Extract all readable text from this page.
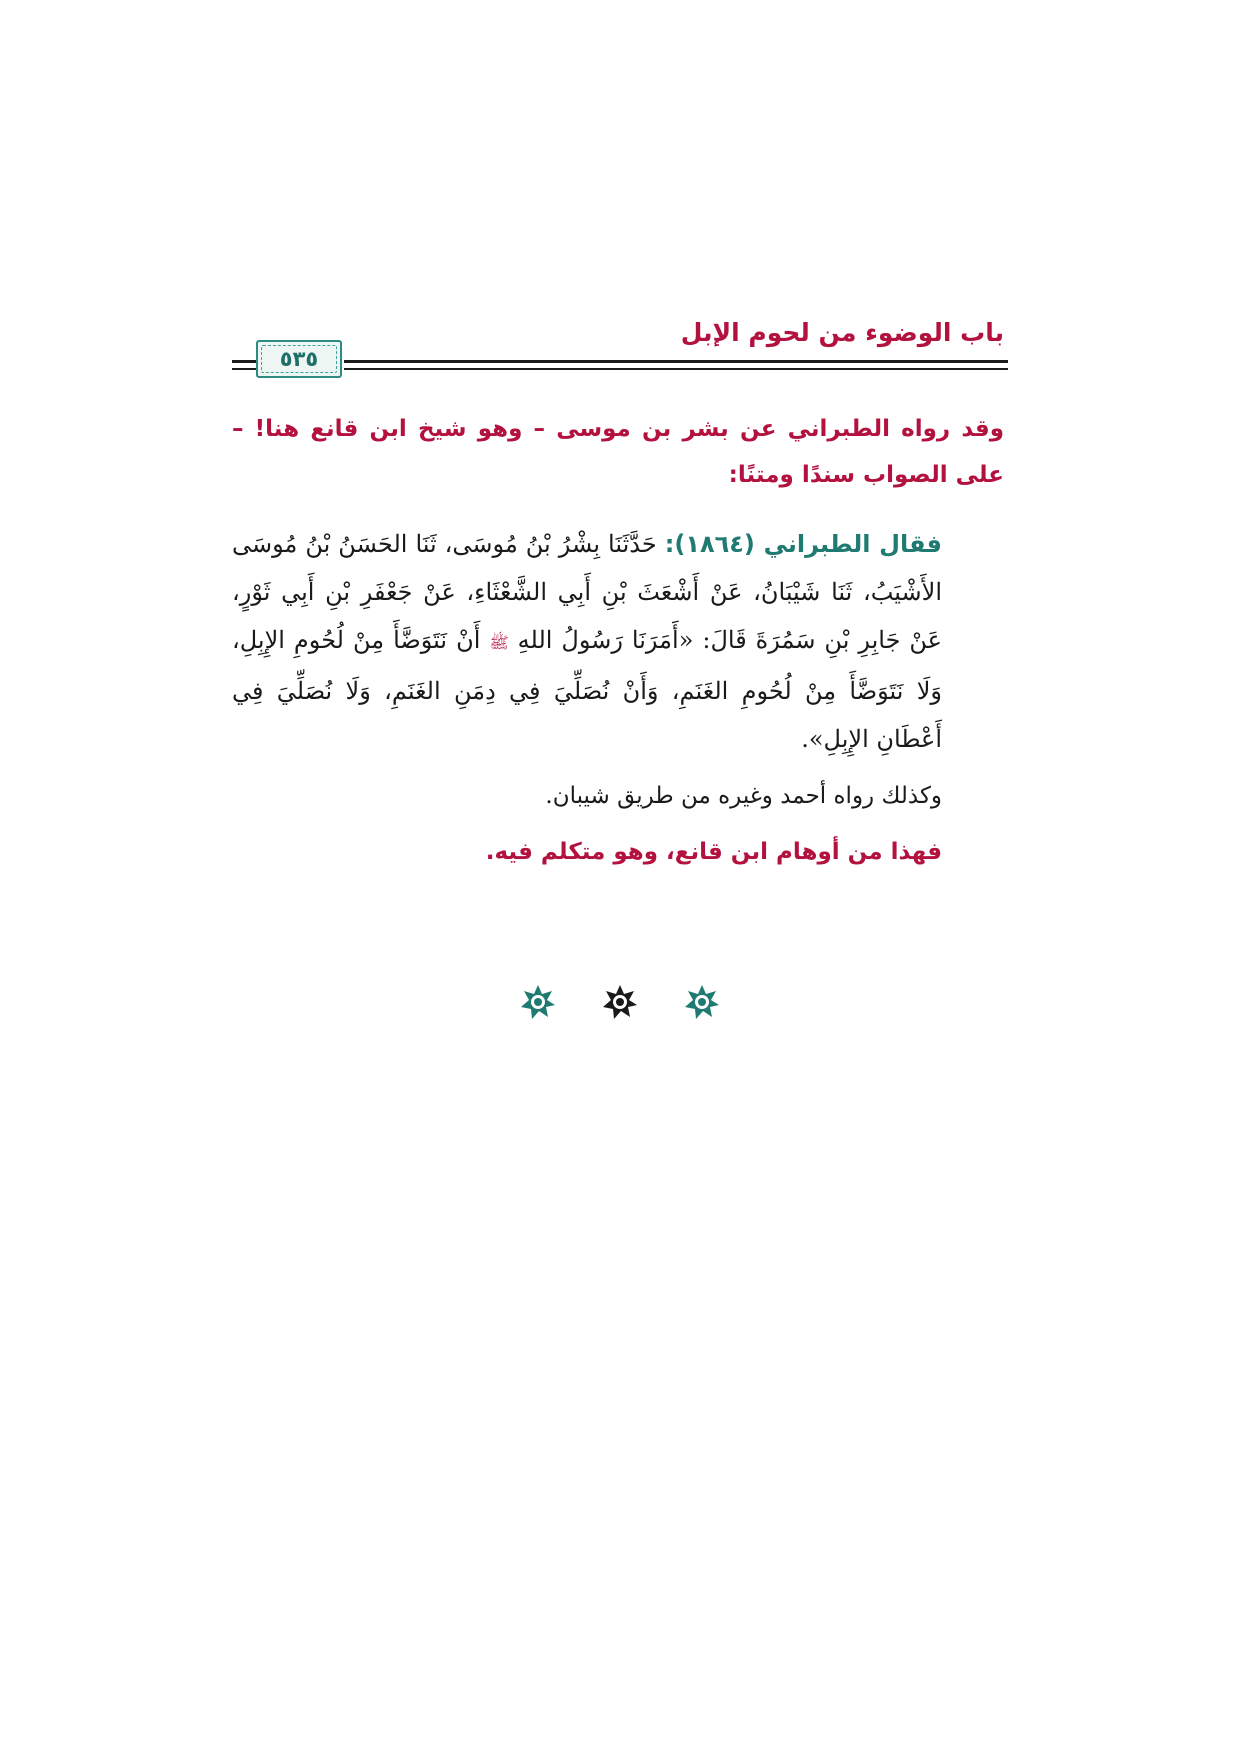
باب الوضوء من لحوم الإبل
٥٣٥

وقد رواه الطبراني عن بشر بن موسى – وهو شيخ ابن قانع هنا! – على الصواب سندًا ومتنًا:

فقال الطبراني (١٨٦٤): حَدَّثَنَا بِشْرُ بْنُ مُوسَى، ثَنَا الحَسَنُ بْنُ مُوسَى الأَشْيَبُ، ثَنَا شَيْبَانُ، عَنْ أَشْعَثَ بْنِ أَبِي الشَّعْثَاءِ، عَنْ جَعْفَرِ بْنِ أَبِي ثَوْرٍ، عَنْ جَابِرِ بْنِ سَمُرَةَ قَالَ: «أَمَرَنَا رَسُولُ اللهِ ﷺ أَنْ نَتَوَضَّأَ مِنْ لُحُومِ الإِبِلِ، وَلَا نَتَوَضَّأَ مِنْ لُحُومِ الغَنَمِ، وَأَنْ نُصَلِّيَ فِي دِمَنِ الغَنَمِ، وَلَا نُصَلِّيَ فِي أَعْطَانِ الإِبِلِ».

وكذلك رواه أحمد وغيره من طريق شيبان.

فهذا من أوهام ابن قانع، وهو متكلم فيه.
